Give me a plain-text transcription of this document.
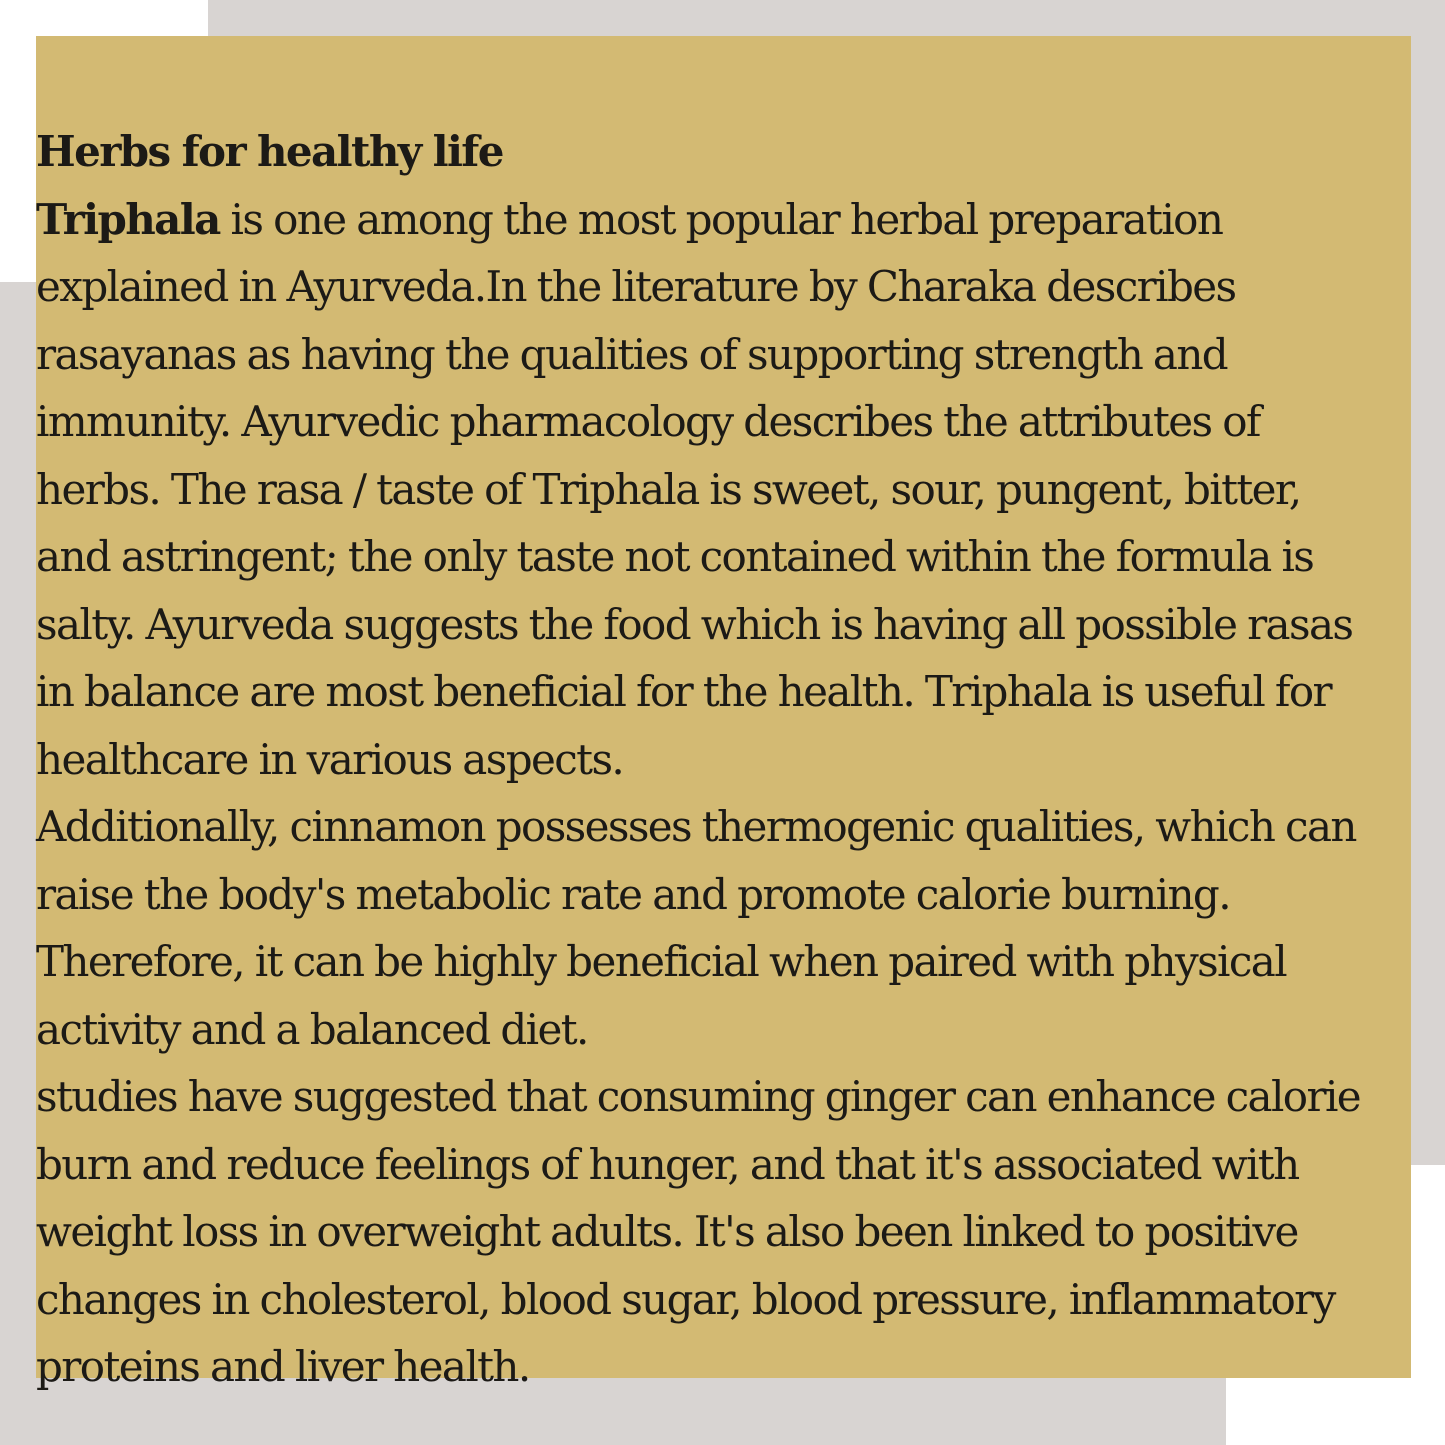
Herbs for healthy life
Triphala is one among the most popular herbal preparation
explained in Ayurveda.In the literature by Charaka describes
rasayanas as having the qualities of supporting strength and
immunity. Ayurvedic pharmacology describes the attributes of
herbs. The rasa / taste of Triphala is sweet, sour, pungent, bitter,
and astringent; the only taste not contained within the formula is
salty. Ayurveda suggests the food which is having all possible rasas
in balance are most beneficial for the health. Triphala is useful for
healthcare in various aspects.
Additionally, cinnamon possesses thermogenic qualities, which can
raise the body's metabolic rate and promote calorie burning.
Therefore, it can be highly beneficial when paired with physical
activity and a balanced diet.
studies have suggested that consuming ginger can enhance calorie
burn and reduce feelings of hunger, and that it's associated with
weight loss in overweight adults. It's also been linked to positive
changes in cholesterol, blood sugar, blood pressure, inflammatory
proteins and liver health.
